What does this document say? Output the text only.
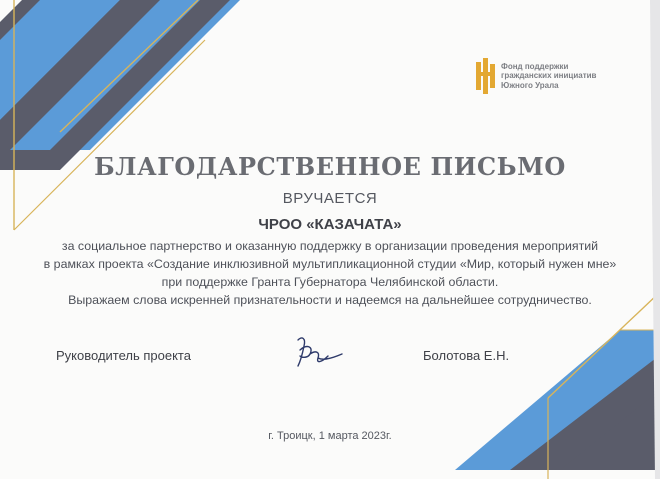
Фонд поддержки
гражданских инициатив
Южного Урала
БЛАГОДАРСТВЕННОЕ ПИСЬМО
ВРУЧАЕТСЯ
ЧРОО «КАЗАЧАТА»
за социальное партнерство и оказанную поддержку в организации проведения мероприятий
в рамках проекта «Создание инклюзивной мультипликационной студии «Мир, который нужен мне»
при поддержке Гранта Губернатора Челябинской области.
Выражаем слова искренней признательности и надеемся на дальнейшее сотрудничество.
Руководитель проекта	Болотова Е.Н.
г. Троицк, 1 марта 2023г.
